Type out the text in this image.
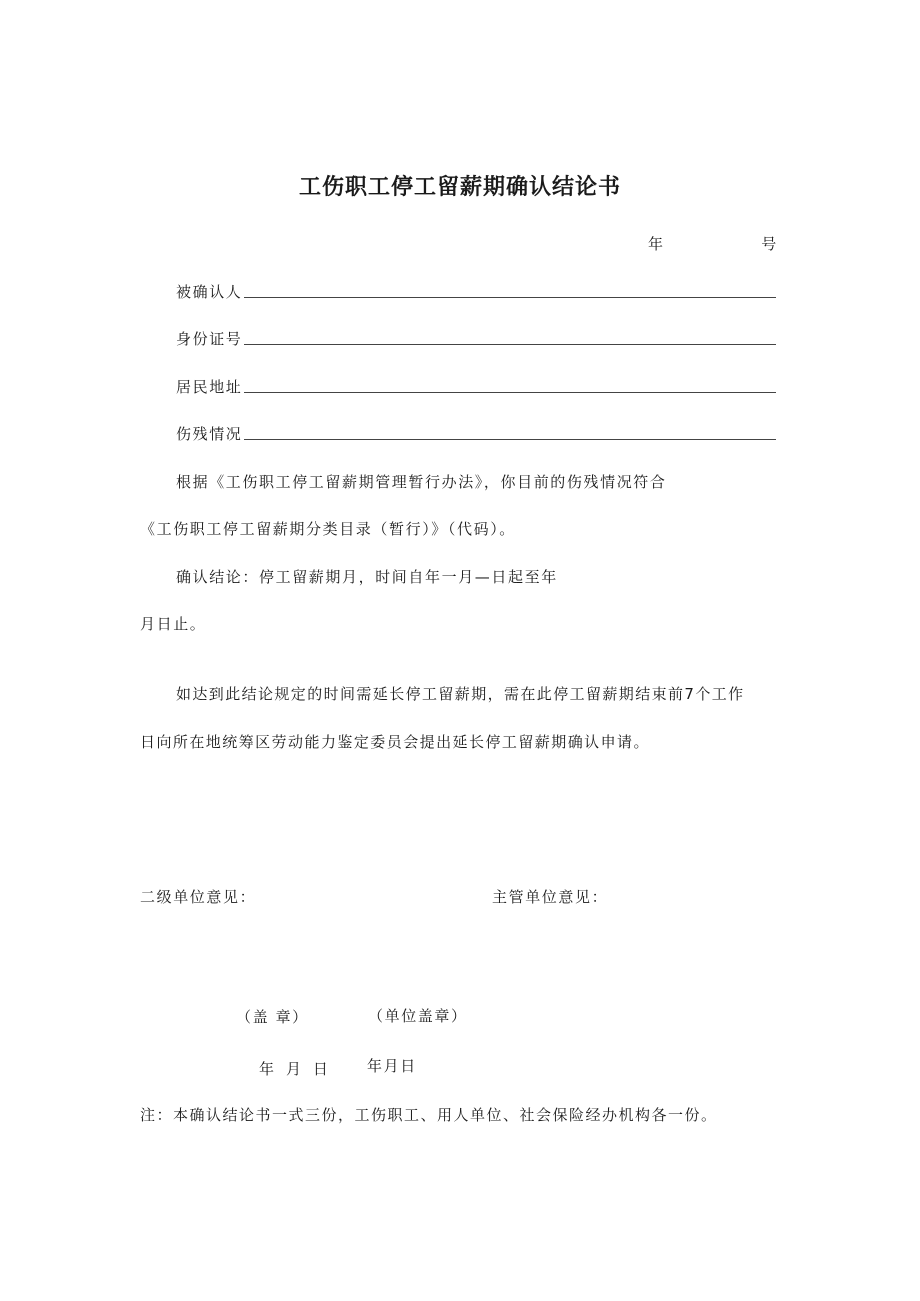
工伤职工停工留薪期确认结论书
年	号
被确认人
身份证号
居民地址
伤残情况
根据《工伤职工停工留薪期管理暂行办法》，你目前的伤残情况符合
《工伤职工停工留薪期分类目录（暂行）》（代码）。
确认结论：停工留薪期月，时间自年一月—日起至年
月日止。
如达到此结论规定的时间需延长停工留薪期，需在此停工留薪期结束前7个工作
日向所在地统筹区劳动能力鉴定委员会提出延长停工留薪期确认申请。
二级单位意见：	主管单位意见：
（盖 章）	（单位盖章）
年 月 日 年月日
注：本确认结论书一式三份，工伤职工、用人单位、社会保险经办机构各一份。
